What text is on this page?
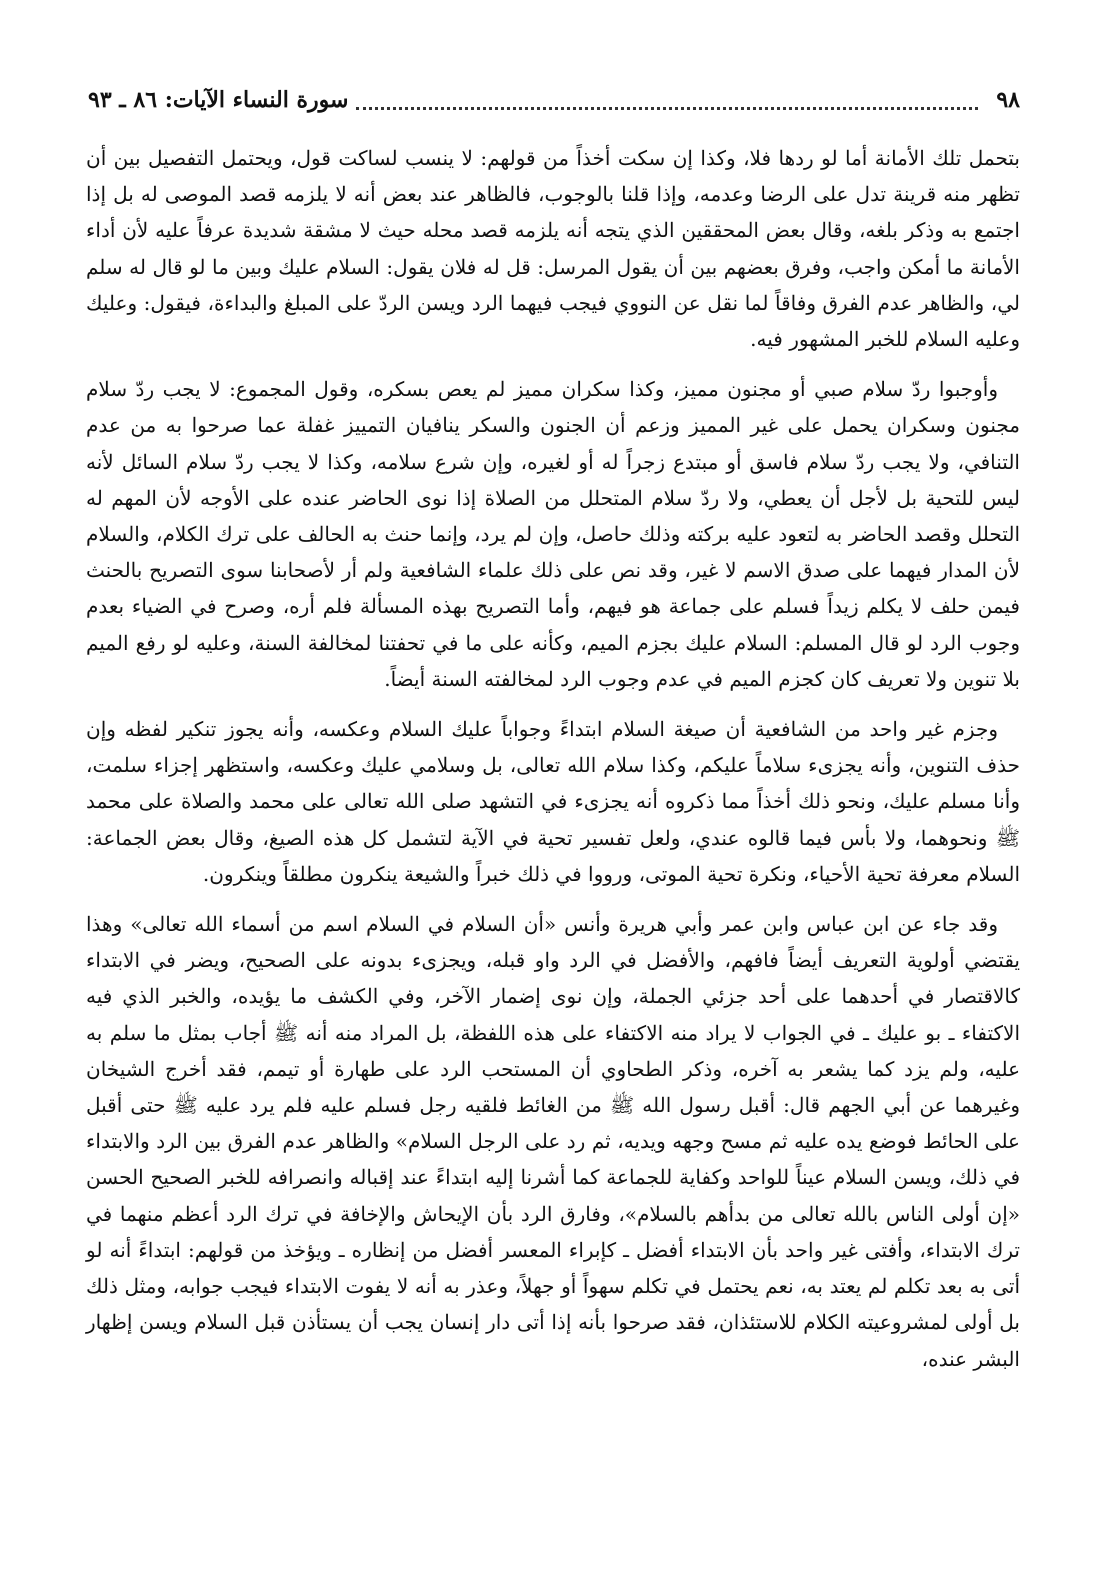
٩٨
سورة النساء الآيات: ٨٦ ـ ٩٣

بتحمل تلك الأمانة أما لو ردها فلا، وكذا إن سكت أخذاً من قولهم: لا ينسب لساكت قول، ويحتمل التفصيل بين أن تظهر منه قرينة تدل على الرضا وعدمه، وإذا قلنا بالوجوب، فالظاهر عند بعض أنه لا يلزمه قصد الموصى له بل إذا اجتمع به وذكر بلغه، وقال بعض المحققين الذي يتجه أنه يلزمه قصد محله حيث لا مشقة شديدة عرفاً عليه لأن أداء الأمانة ما أمكن واجب، وفرق بعضهم بين أن يقول المرسل: قل له فلان يقول: السلام عليك وبين ما لو قال له سلم لي، والظاهر عدم الفرق وفاقاً لما نقل عن النووي فيجب فيهما الرد ويسن الردّ على المبلغ والبداءة، فيقول: وعليك وعليه السلام للخبر المشهور فيه.

وأوجبوا ردّ سلام صبي أو مجنون مميز، وكذا سكران مميز لم يعص بسكره، وقول المجموع: لا يجب ردّ سلام مجنون وسكران يحمل على غير المميز وزعم أن الجنون والسكر ينافيان التمييز غفلة عما صرحوا به من عدم التنافي، ولا يجب ردّ سلام فاسق أو مبتدع زجراً له أو لغيره، وإن شرع سلامه، وكذا لا يجب ردّ سلام السائل لأنه ليس للتحية بل لأجل أن يعطي، ولا ردّ سلام المتحلل من الصلاة إذا نوى الحاضر عنده على الأوجه لأن المهم له التحلل وقصد الحاضر به لتعود عليه بركته وذلك حاصل، وإن لم يرد، وإنما حنث به الحالف على ترك الكلام، والسلام لأن المدار فيهما على صدق الاسم لا غير، وقد نص على ذلك علماء الشافعية ولم أر لأصحابنا سوى التصريح بالحنث فيمن حلف لا يكلم زيداً فسلم على جماعة هو فيهم، وأما التصريح بهذه المسألة فلم أره، وصرح في الضياء بعدم وجوب الرد لو قال المسلم: السلام عليك بجزم الميم، وكأنه على ما في تحفتنا لمخالفة السنة، وعليه لو رفع الميم بلا تنوين ولا تعريف كان كجزم الميم في عدم وجوب الرد لمخالفته السنة أيضاً.

وجزم غير واحد من الشافعية أن صيغة السلام ابتداءً وجواباً عليك السلام وعكسه، وأنه يجوز تنكير لفظه وإن حذف التنوين، وأنه يجزىء سلاماً عليكم، وكذا سلام الله تعالى، بل وسلامي عليك وعكسه، واستظهر إجزاء سلمت، وأنا مسلم عليك، ونحو ذلك أخذاً مما ذكروه أنه يجزىء في التشهد صلى الله تعالى على محمد والصلاة على محمد ﷺ ونحوهما، ولا بأس فيما قالوه عندي، ولعل تفسير تحية في الآية لتشمل كل هذه الصيغ، وقال بعض الجماعة: السلام معرفة تحية الأحياء، ونكرة تحية الموتى، ورووا في ذلك خبراً والشيعة ينكرون مطلقاً وينكرون.

وقد جاء عن ابن عباس وابن عمر وأبي هريرة وأنس «أن السلام في السلام اسم من أسماء الله تعالى» وهذا يقتضي أولوية التعريف أيضاً فافهم، والأفضل في الرد واو قبله، ويجزىء بدونه على الصحيح، ويضر في الابتداء كالاقتصار في أحدهما على أحد جزئي الجملة، وإن نوى إضمار الآخر، وفي الكشف ما يؤيده، والخبر الذي فيه الاكتفاء ـ بو عليك ـ في الجواب لا يراد منه الاكتفاء على هذه اللفظة، بل المراد منه أنه ﷺ أجاب بمثل ما سلم به عليه، ولم يزد كما يشعر به آخره، وذكر الطحاوي أن المستحب الرد على طهارة أو تيمم، فقد أخرج الشيخان وغيرهما عن أبي الجهم قال: أقبل رسول الله ﷺ من الغائط فلقيه رجل فسلم عليه فلم يرد عليه ﷺ حتى أقبل على الحائط فوضع يده عليه ثم مسح وجهه ويديه، ثم رد على الرجل السلام» والظاهر عدم الفرق بين الرد والابتداء في ذلك، ويسن السلام عيناً للواحد وكفاية للجماعة كما أشرنا إليه ابتداءً عند إقباله وانصرافه للخبر الصحيح الحسن «إن أولى الناس بالله تعالى من بدأهم بالسلام»، وفارق الرد بأن الإيحاش والإخافة في ترك الرد أعظم منهما في ترك الابتداء، وأفتى غير واحد بأن الابتداء أفضل ـ كإبراء المعسر أفضل من إنظاره ـ ويؤخذ من قولهم: ابتداءً أنه لو أتى به بعد تكلم لم يعتد به، نعم يحتمل في تكلم سهواً أو جهلاً، وعذر به أنه لا يفوت الابتداء فيجب جوابه، ومثل ذلك بل أولى لمشروعيته الكلام للاستئذان، فقد صرحوا بأنه إذا أتى دار إنسان يجب أن يستأذن قبل السلام ويسن إظهار البشر عنده،
